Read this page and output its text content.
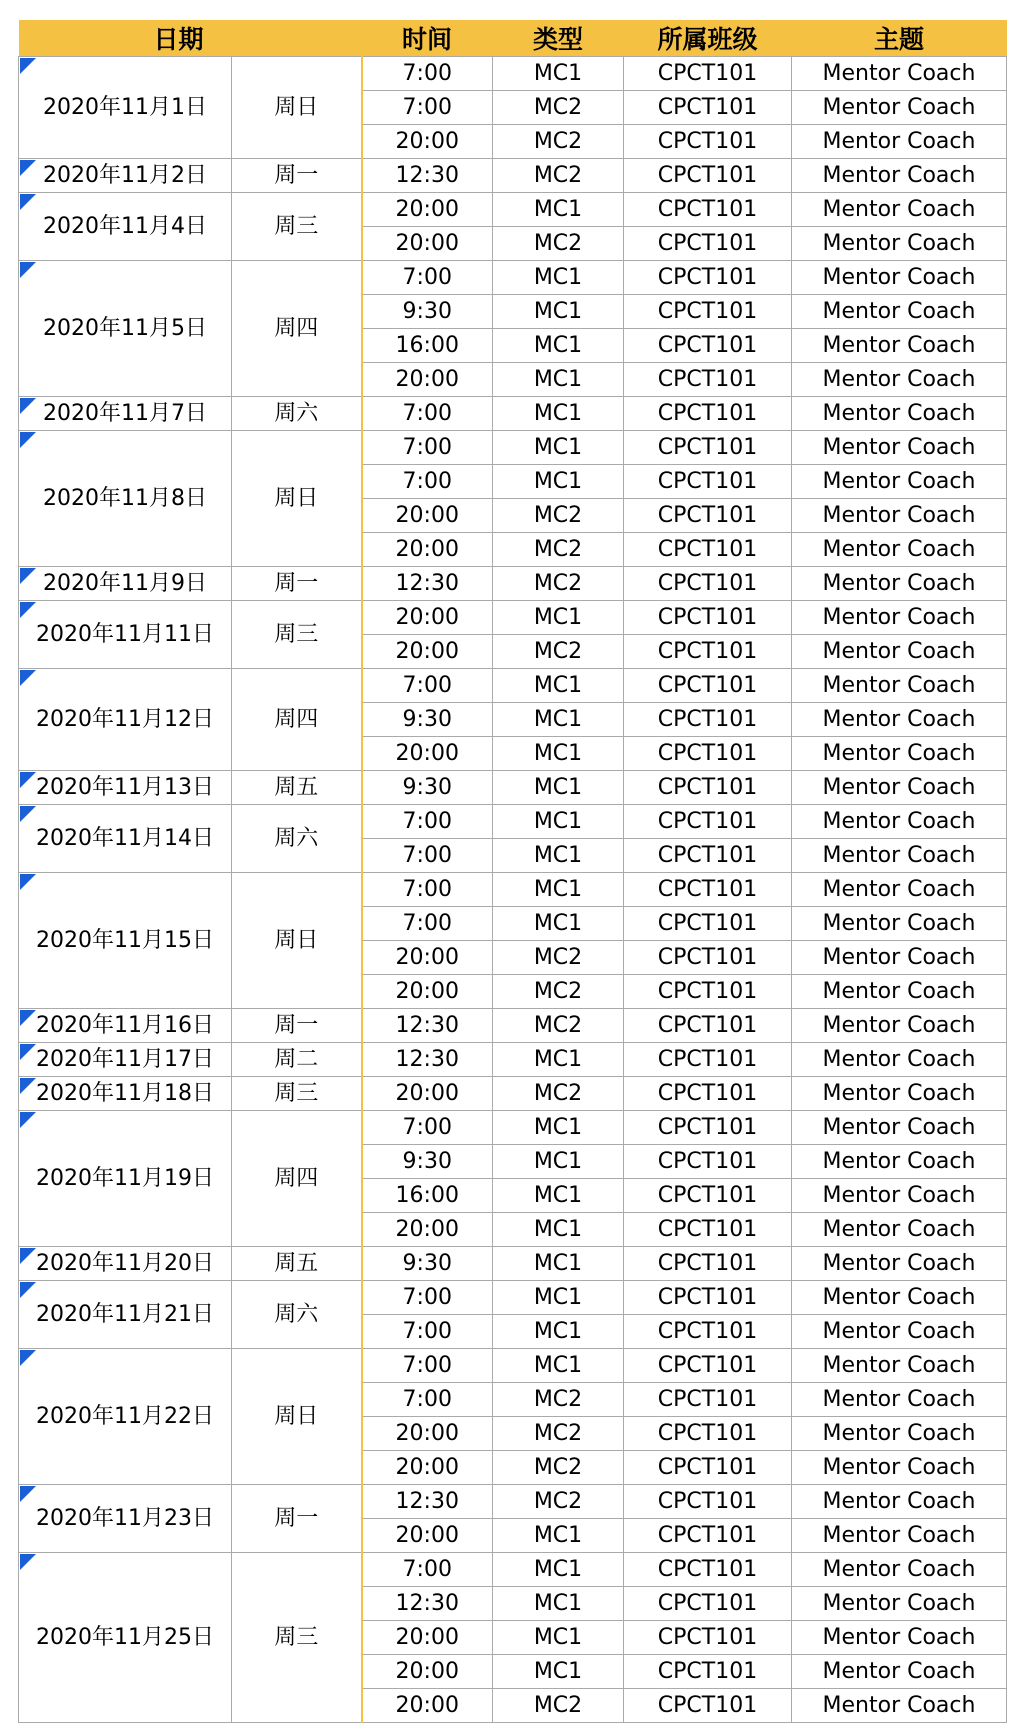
日期		时间	类型	所属班级	主题

2020年11月1日	周日	7:00	MC1	CPCT101	Mentor Coach
		7:00	MC2	CPCT101	Mentor Coach
		20:00	MC2	CPCT101	Mentor Coach

2020年11月2日	周一	12:30	MC2	CPCT101	Mentor Coach

2020年11月4日	周三	20:00	MC1	CPCT101	Mentor Coach
		20:00	MC2	CPCT101	Mentor Coach

2020年11月5日	周四	7:00	MC1	CPCT101	Mentor Coach
		9:30	MC1	CPCT101	Mentor Coach
		16:00	MC1	CPCT101	Mentor Coach
		20:00	MC1	CPCT101	Mentor Coach

2020年11月7日	周六	7:00	MC1	CPCT101	Mentor Coach

2020年11月8日	周日	7:00	MC1	CPCT101	Mentor Coach
		7:00	MC1	CPCT101	Mentor Coach
		20:00	MC2	CPCT101	Mentor Coach
		20:00	MC2	CPCT101	Mentor Coach

2020年11月9日	周一	12:30	MC2	CPCT101	Mentor Coach

2020年11月11日	周三	20:00	MC1	CPCT101	Mentor Coach
		20:00	MC2	CPCT101	Mentor Coach

2020年11月12日	周四	7:00	MC1	CPCT101	Mentor Coach
		9:30	MC1	CPCT101	Mentor Coach
		20:00	MC1	CPCT101	Mentor Coach

2020年11月13日	周五	9:30	MC1	CPCT101	Mentor Coach

2020年11月14日	周六	7:00	MC1	CPCT101	Mentor Coach
		7:00	MC1	CPCT101	Mentor Coach

2020年11月15日	周日	7:00	MC1	CPCT101	Mentor Coach
		7:00	MC1	CPCT101	Mentor Coach
		20:00	MC2	CPCT101	Mentor Coach
		20:00	MC2	CPCT101	Mentor Coach

2020年11月16日	周一	12:30	MC2	CPCT101	Mentor Coach

2020年11月17日	周二	12:30	MC1	CPCT101	Mentor Coach

2020年11月18日	周三	20:00	MC2	CPCT101	Mentor Coach

2020年11月19日	周四	7:00	MC1	CPCT101	Mentor Coach
		9:30	MC1	CPCT101	Mentor Coach
		16:00	MC1	CPCT101	Mentor Coach
		20:00	MC1	CPCT101	Mentor Coach

2020年11月20日	周五	9:30	MC1	CPCT101	Mentor Coach

2020年11月21日	周六	7:00	MC1	CPCT101	Mentor Coach
		7:00	MC1	CPCT101	Mentor Coach

2020年11月22日	周日	7:00	MC1	CPCT101	Mentor Coach
		7:00	MC2	CPCT101	Mentor Coach
		20:00	MC2	CPCT101	Mentor Coach
		20:00	MC2	CPCT101	Mentor Coach

2020年11月23日	周一	12:30	MC2	CPCT101	Mentor Coach
		20:00	MC1	CPCT101	Mentor Coach

2020年11月25日	周三	7:00	MC1	CPCT101	Mentor Coach
		12:30	MC1	CPCT101	Mentor Coach
		20:00	MC1	CPCT101	Mentor Coach
		20:00	MC1	CPCT101	Mentor Coach
		20:00	MC2	CPCT101	Mentor Coach
